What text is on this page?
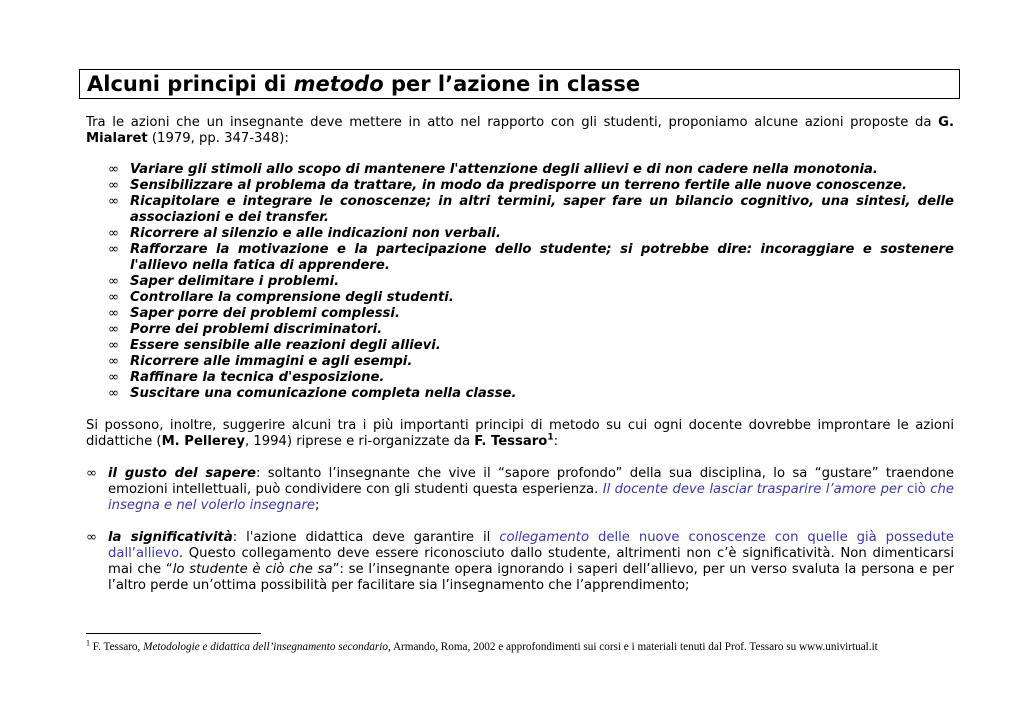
Alcuni principi di metodo per l’azione in classe

Tra le azioni che un insegnante deve mettere in atto nel rapporto con gli studenti, proponiamo alcune azioni proposte da G. Mialaret (1979, pp. 347-348):

∞ Variare gli stimoli allo scopo di mantenere l'attenzione degli allievi e di non cadere nella monotonia.
∞ Sensibilizzare al problema da trattare, in modo da predisporre un terreno fertile alle nuove conoscenze.
∞ Ricapitolare e integrare le conoscenze; in altri termini, saper fare un bilancio cognitivo, una sintesi, delle associazioni e dei transfer.
∞ Ricorrere al silenzio e alle indicazioni non verbali.
∞ Rafforzare la motivazione e la partecipazione dello studente; si potrebbe dire: incoraggiare e sostenere l'allievo nella fatica di apprendere.
∞ Saper delimitare i problemi.
∞ Controllare la comprensione degli studenti.
∞ Saper porre dei problemi complessi.
∞ Porre dei problemi discriminatori.
∞ Essere sensibile alle reazioni degli allievi.
∞ Ricorrere alle immagini e agli esempi.
∞ Raffinare la tecnica d'esposizione.
∞ Suscitare una comunicazione completa nella classe.

Si possono, inoltre, suggerire alcuni tra i più importanti principi di metodo su cui ogni docente dovrebbe improntare le azioni didattiche (M. Pellerey, 1994) riprese e ri-organizzate da F. Tessaro$^1$:

∞ il gusto del sapere: soltanto l’insegnante che vive il “sapore profondo” della sua disciplina, lo sa “gustare” traendone emozioni intellettuali, può condividere con gli studenti questa esperienza. Il docente deve lasciar trasparire l’amore per ciò che insegna e nel volerlo insegnare;
∞ la significatività: l'azione didattica deve garantire il collegamento delle nuove conoscenze con quelle già possedute dall’allievo. Questo collegamento deve essere riconosciuto dallo studente, altrimenti non c’è significatività. Non dimenticarsi mai che “lo studente è ciò che sa”: se l’insegnante opera ignorando i saperi dell’allievo, per un verso svaluta la persona e per l’altro perde un’ottima possibilità per facilitare sia l’insegnamento che l’apprendimento;
$^1$ F. Tessaro, Metodologie e didattica dell’insegnamento secondario, Armando, Roma, 2002 e approfondimenti sui corsi e i materiali tenuti dal Prof. Tessaro su www.univirtual.it
